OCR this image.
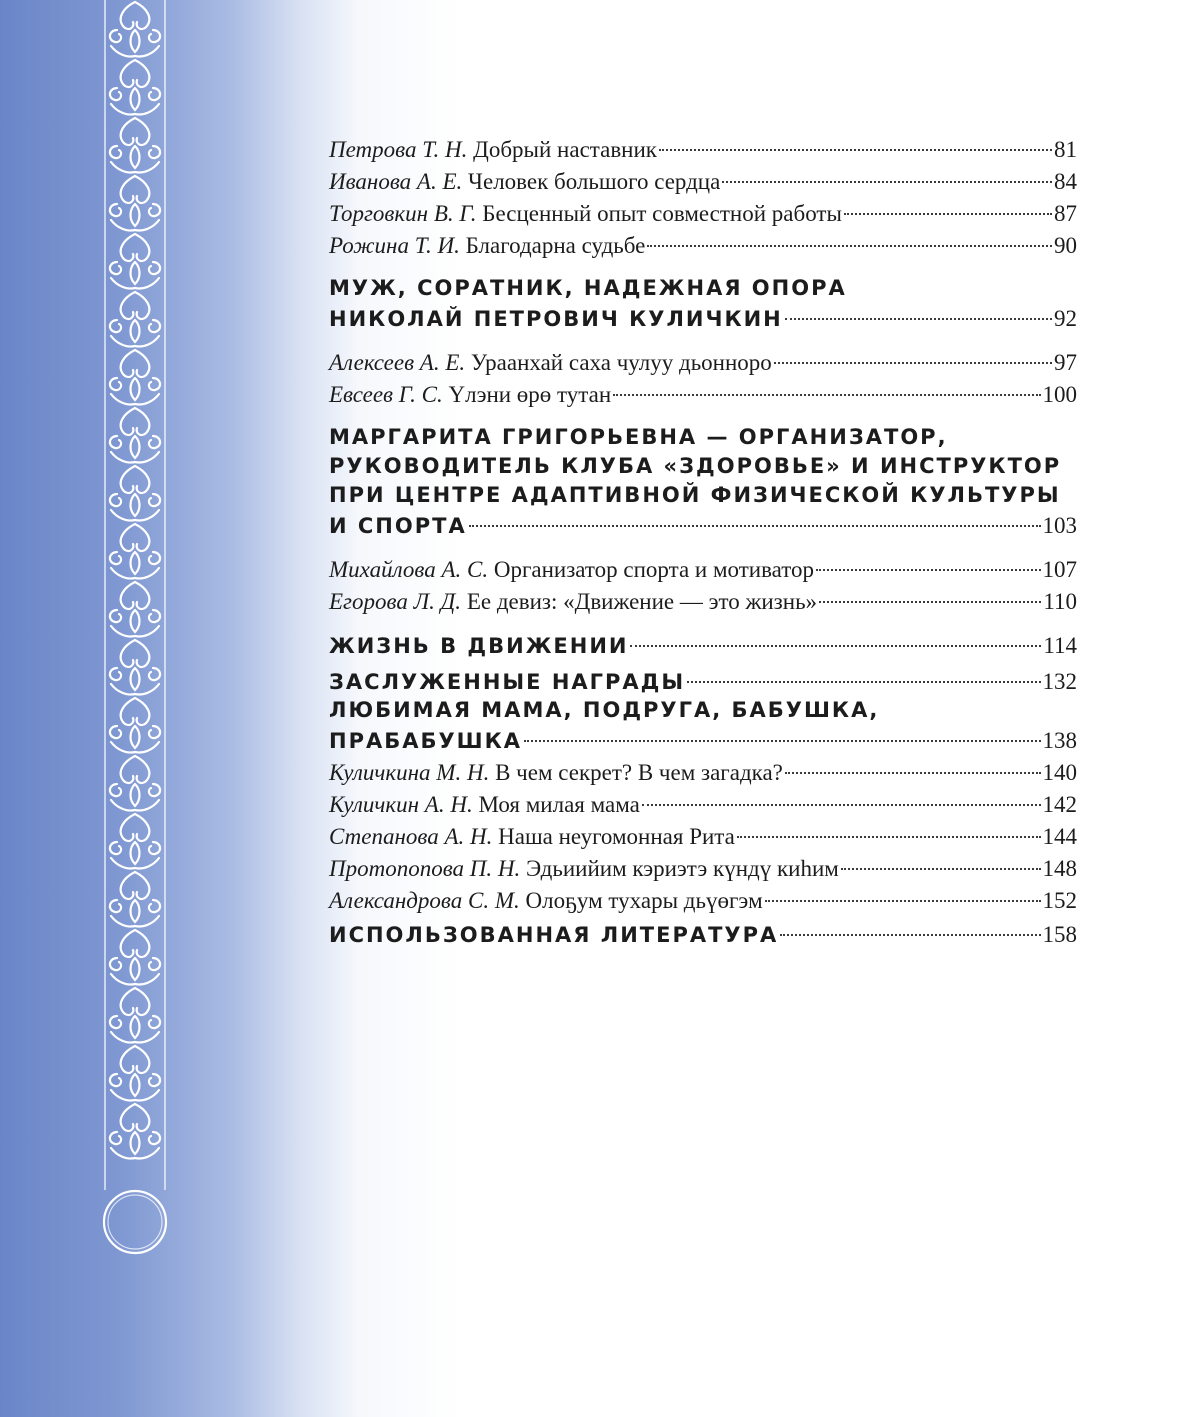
Петрова Т. Н. Добрый наставник	81
Иванова А. Е. Человек большого сердца	84
Торговкин В. Г. Бесценный опыт совместной работы	87
Рожина Т. И. Благодарна судьбе	90
МУЖ, СОРАТНИК, НАДЕЖНАЯ ОПОРА
НИКОЛАЙ ПЕТРОВИЧ КУЛИЧКИН	92
Алексеев А. Е. Ураанхай саха чулуу дьонноро	97
Евсеев Г. С. Үлэни өрө тутан	100
МАРГАРИТА ГРИГОРЬЕВНА — ОРГАНИЗАТОР,
РУКОВОДИТЕЛЬ КЛУБА «ЗДОРОВЬЕ» И ИНСТРУКТОР
ПРИ ЦЕНТРЕ АДАПТИВНОЙ ФИЗИЧЕСКОЙ КУЛЬТУРЫ
И СПОРТА	103
Михайлова А. С. Организатор спорта и мотиватор	107
Егорова Л. Д. Ее девиз: «Движение — это жизнь»	110
ЖИЗНЬ В ДВИЖЕНИИ	114
ЗАСЛУЖЕННЫЕ НАГРАДЫ	132
ЛЮБИМАЯ МАМА, ПОДРУГА, БАБУШКА,
ПРАБАБУШКА	138
Куличкина М. Н. В чем секрет? В чем загадка?	140
Куличкин А. Н. Моя милая мама	142
Степанова А. Н. Наша неугомонная Рита	144
Протопопова П. Н. Эдьиийим кэриэтэ күндү киһим	148
Александрова С. М. Олоҕум тухары дьүөгэм	152
ИСПОЛЬЗОВАННАЯ ЛИТЕРАТУРА	158
